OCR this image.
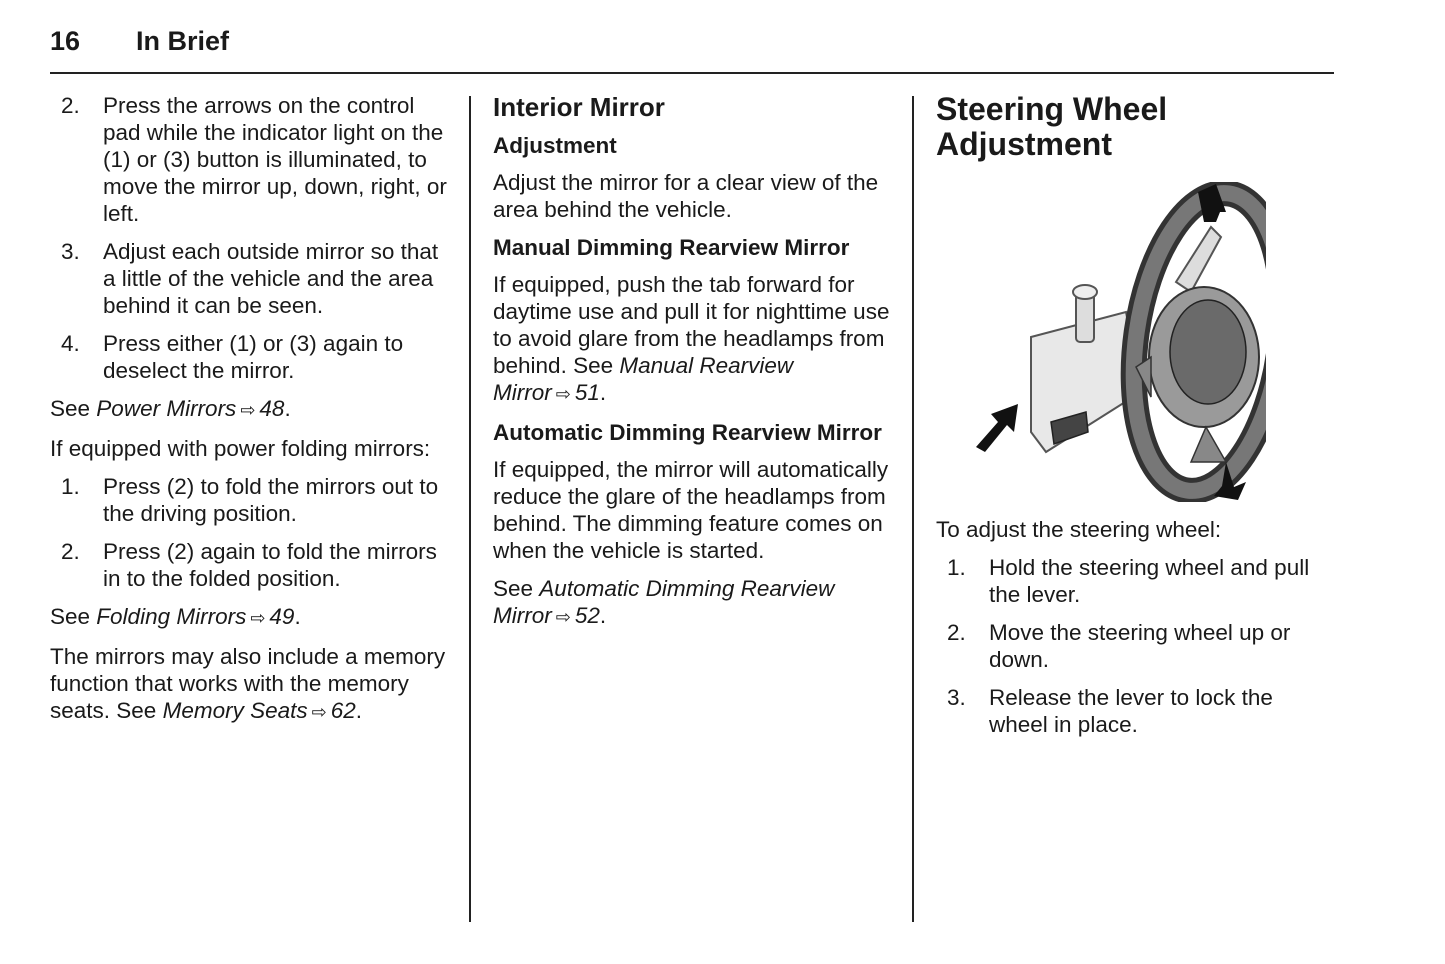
16 In Brief
2. Press the arrows on the control pad while the indicator light on the (1) or (3) button is illuminated, to move the mirror up, down, right, or left.
3. Adjust each outside mirror so that a little of the vehicle and the area behind it can be seen.
4. Press either (1) or (3) again to deselect the mirror.

See Power Mirrors ⇨ 48.

If equipped with power folding mirrors:

1. Press (2) to fold the mirrors out to the driving position.
2. Press (2) again to fold the mirrors in to the folded position.

See Folding Mirrors ⇨ 49.

The mirrors may also include a memory function that works with the memory seats. See Memory Seats ⇨ 62.

Interior Mirror
Adjustment

Adjust the mirror for a clear view of the area behind the vehicle.

Manual Dimming Rearview Mirror

If equipped, push the tab forward for daytime use and pull it for nighttime use to avoid glare from the headlamps from behind. See Manual Rearview Mirror ⇨ 51.

Automatic Dimming Rearview Mirror

If equipped, the mirror will automatically reduce the glare of the headlamps from behind. The dimming feature comes on when the vehicle is started.

See Automatic Dimming Rearview Mirror ⇨ 52.

Steering Wheel Adjustment

To adjust the steering wheel:

1. Hold the steering wheel and pull the lever.
2. Move the steering wheel up or down.
3. Release the lever to lock the wheel in place.
